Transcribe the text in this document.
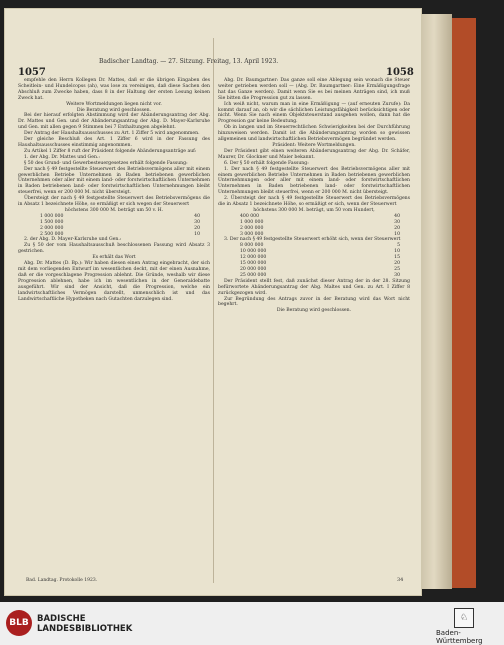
1057	1058
Badischer Landtag. — 27. Sitzung. Freitag, 13. April 1923.

empfehle den Herrn Kollegen Dr. Mattes, daß er die übrigen Eingaben des Scheitlein- und Hundelcopss (ah), was lose zu vereinigen, daß diese Sachen den Abschluß zum Zwecke haben, dass 8 in der Haltung der ersten Lesung keinen Zweck hat.

Weitere Wortmeldungen liegen nicht vor.

Die Beratung wird geschlossen.

Bei der hierauf erfolgten Abstimmung wird der Abänderungsantrag der Abg. Dr. Mattes und Gen. und der Abänderungsantrag der Abg. D. Mayer-Karlsruhe und Gen. mit allen gegen 9 Stimmen bei 7 Enthaltungen abgelehnt.

Der Antrag der Haushaltsausschusses zu Art. 1 Ziffer 5 wird angenommen.

Der gleiche Beschluß des Art. 1 Ziffer 6 wird in der Fassung des Haushaltsausschusses einstimmig angenommen.

Zu Artikel 1 Ziffer 8 ruft der Präsident folgende Abänderungsanträge auf:

1. der Abg. Dr. Mattes und Gen.:

§ 50 des Grund- und Gewerbesteuergesetzes erhält folgende Fassung:

Der nach § 49 festgestellte Steuerwert des Betriebsvermögens aller mit einem gewerblichen Betriebe Unternehmen in Baden betriebenen gewerblichen Unternehmen oder aller mit einem land- oder forstwirtschaftlichen Unternehmen in Baden betriebenen land- oder forstwirtschaftlichen Unternehmungen bleibt steuerfrei, wenn er 200 000 M. nicht übersteigt.

Übersteigt der nach § 49 festgestellte Steuerwert des Betriebsvermögens die in Absatz 1 bezeichnete Höhe, so ermäßigt er sich wegen der Steuerwert

höchstens 300 000 M. beträgt um 50 v. H.

1 000 000	40
1 500 000	30
2 000 000	20
2 500 000	10

2. der Abg. D. Mayer-Karlsruhe und Gen.:

Zu § 50 der vom Haushaltsausschuß beschlossenen Fassung wird Absatz 3 gestrichen.

Es erhält das Wort

Abg. Dr. Mattes (D. Bp.): Wir haben diesen einen Antrag eingebracht, der sich mit dem vorliegenden Entwurf im wesentlichen deckt, mit der einen Ausnahme, daß er die vorgeschlagene Progression ablehnt. Die Gründe, weshalb wir diese Progression ablehnen, habe ich im wesentlichen in der Generaldebatte ausgeführt. Wir sind der Ansicht, daß die Progression, welche ein landwirtschaftliches Vermögen darstellt, unmenschlich ist und das Landwirtschaftliche Hypotheken nach Gutachten darzulegen sind.

Abg. Dr. Baumgartner: Das ganze soll eine Ablegung sein wonach die Steuer weiter getrieben werden soll — (Abg. Dr. Baumgartner: Eine Ermäßigungsfrage hat das Ganze werden). Damit wenn Sie es bei meinen Anträgen sind, ich muß Sie bitten die Progression gut zu lassen.

Ich weiß nicht, warum man in eine Ermäßigung — (auf erneuten Zurufe): Da kommt darauf an, ob wir die sächlichen Leistungsfähigkeit berücksichtigen oder nicht. Wenn Sie nach einem Objektsteuerstand ausgehen wollen, dann hat die Progression gar keine Bedeutung.

Ob in langen und im Steuerrechtlichen Schwierigkeiten bei der Durchführung hinzuweisen werden. Damit ist die Abänderungsantrag worden so gewissen allgemeinen und landwirtschaftlichen Betriebsvermögen begründet werden.

Präsident: Weitere Wortmeldungen.

Der Präsident gibt einen weiteren Abänderungsantrag der Abg. Dr. Schäfer, Maurer, Dr. Glockner und Maier bekannt.

6. Der § 50 erhält folgende Fassung:

1. Der nach § 49 festgestellte Steuerwert des Betriebsvermögens aller mit einem gewerblichen Betriebe Unternehmen in Baden betriebenen gewerblichen Unternehmungen oder aller mit einem land- oder forstwirtschaftlichen Unternehmen in Baden betriebenen land- oder forstwirtschaftlichen Unternehmungen bleibt steuerfrei, wenn er 200 000 M. nicht übersteigt.

2. Übersteigt der nach § 49 festgestellte Steuerwert des Betriebsvermögens die in Absatz 1 bezeichnete Höhe, so ermäßigt er sich, wenn der Steuerwert

höchstens 300 000 M. beträgt, um 50 vom Hundert,

400 000	40
1 000 000	30
2 000 000	20
3 000 000	10

3. Der nach § 49 festgestellte Steuerwert erhöht sich, wenn der Steuerwert

8 000 000	5
10 000 000	10
12 000 000	15
15 000 000	20
20 000 000	25
25 000 000	30

Der Präsident stellt fest, daß zunächst dieser Antrag der in der 28. Sitzung befürwortete Abänderungsantrag der Abg. Maltes und Gen. zu Art. I Ziffer 8 zurückgezogen wird.

Zur Begründung des Antrags zuvor in der Beratung wird das Wort nicht begehrt.

Die Beratung wird geschlossen.

Bad. Landtag. Protokolle 1923.	34
BLB BADISCHE
LANDESBIBLIOTHEK
♘
Baden-Württemberg
